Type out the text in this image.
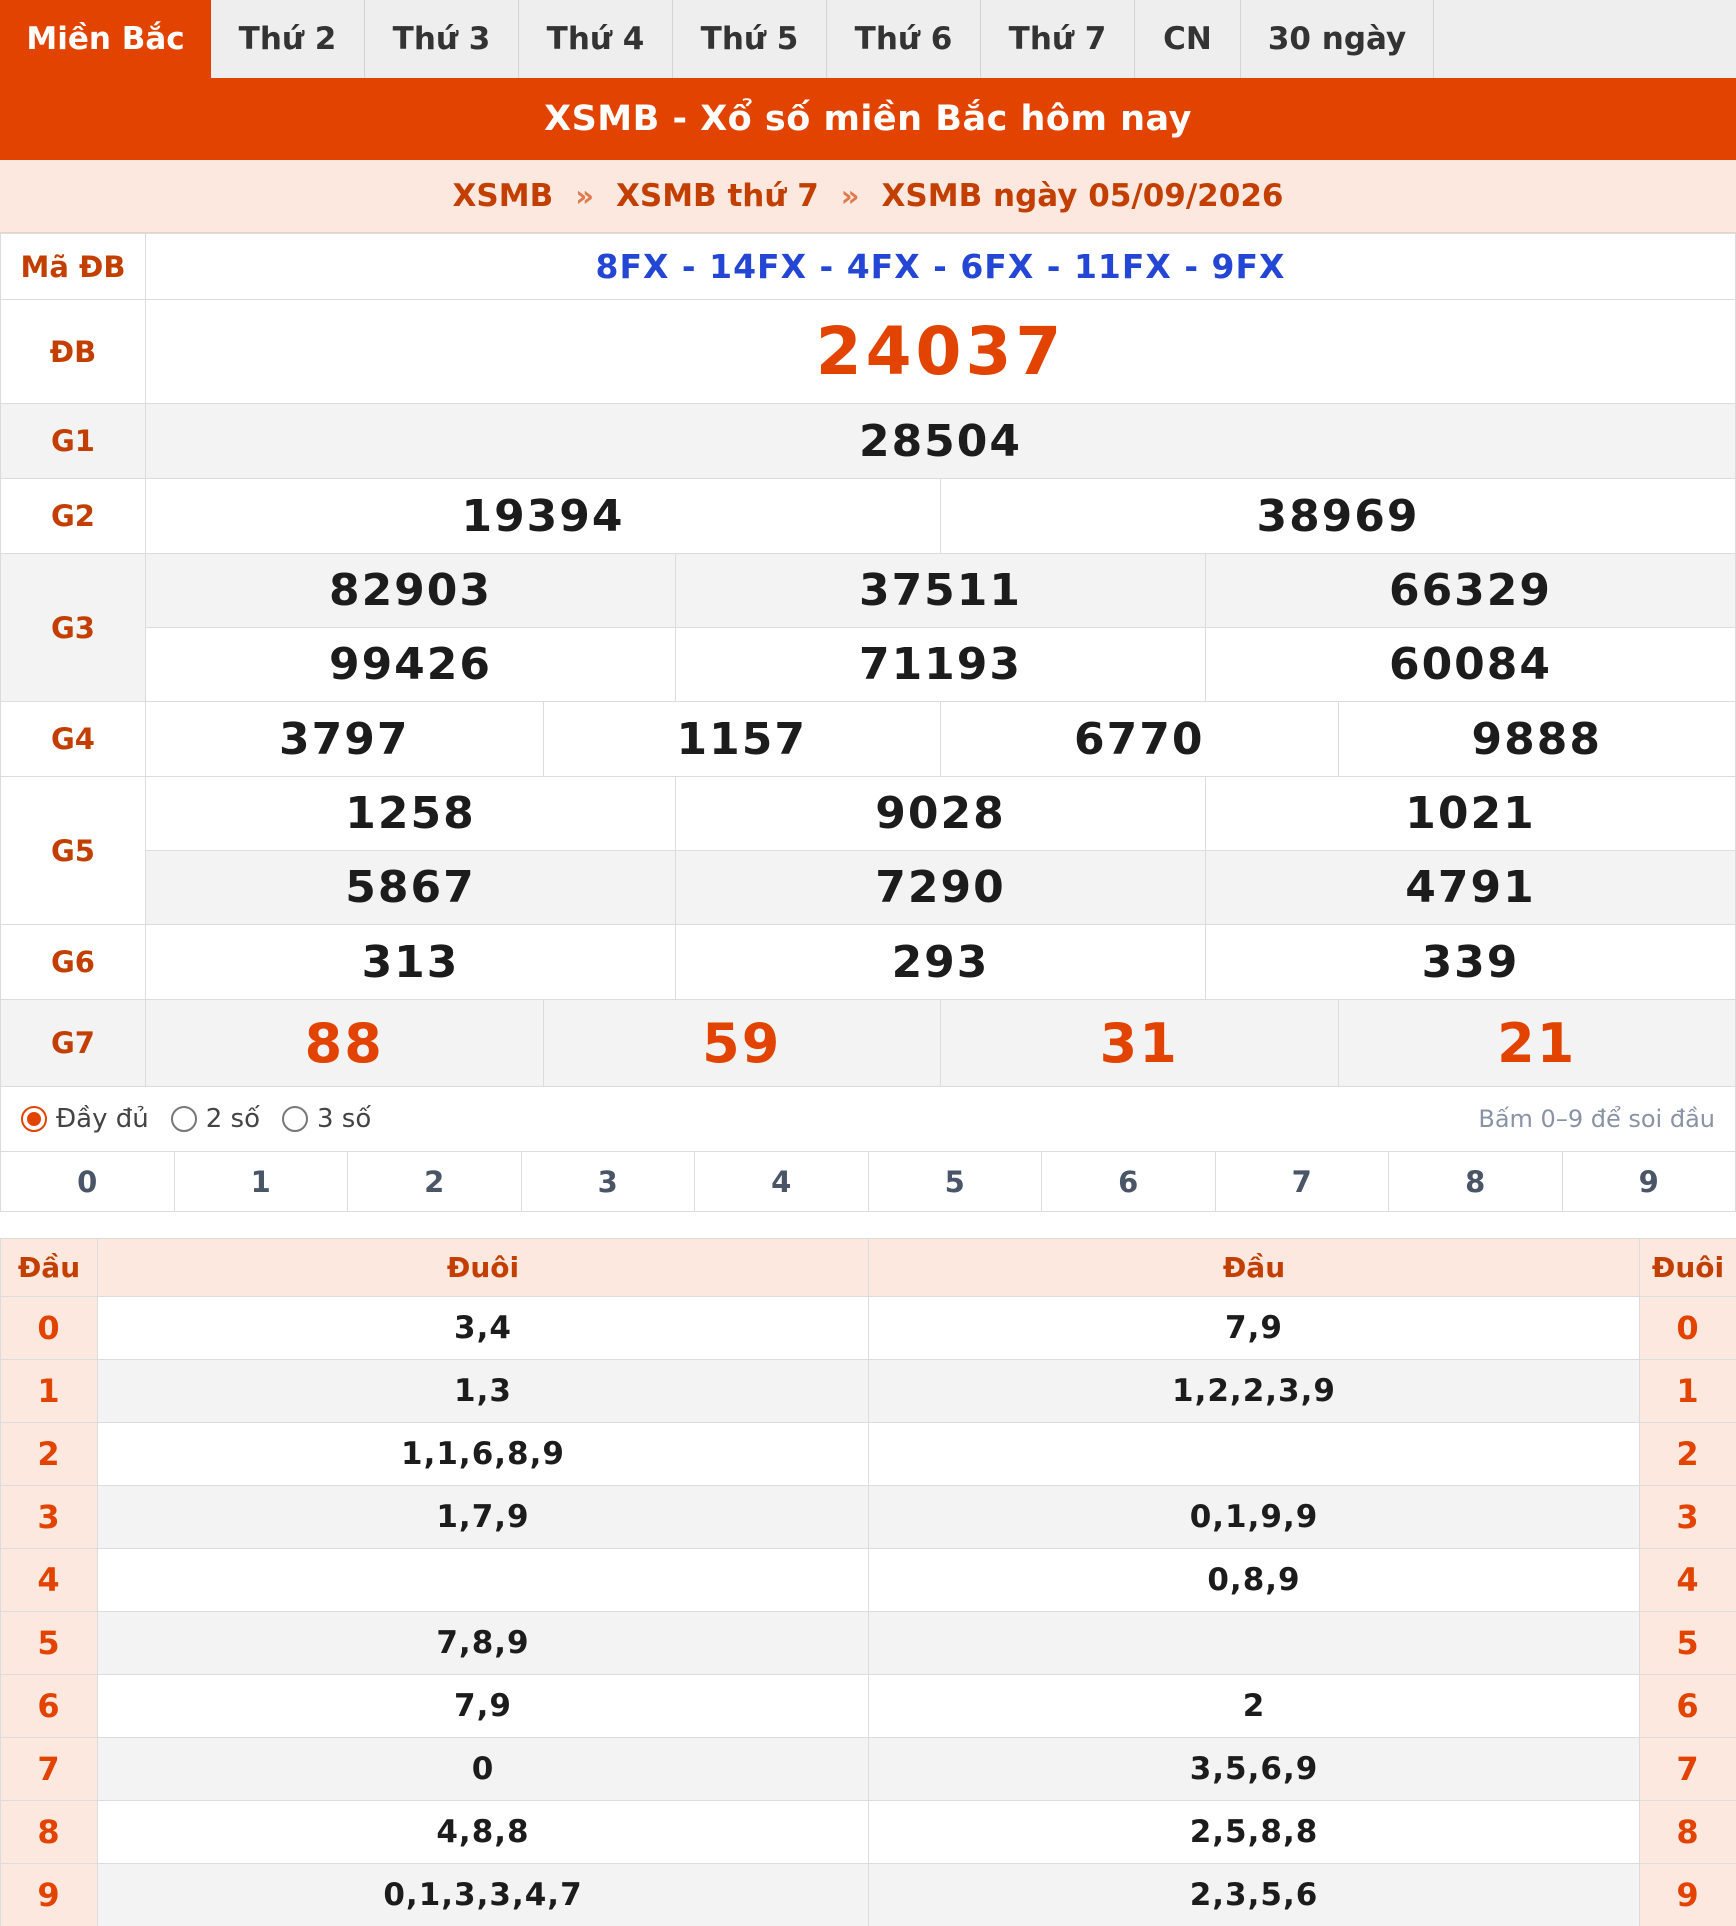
Miền Bắc	Thứ 2	Thứ 3	Thứ 4	Thứ 5	Thứ 6	Thứ 7	CN	30 ngày
XSMB - Xổ số miền Bắc hôm nay
XSMB » XSMB thứ 7 » XSMB ngày 05/09/2026
Mã ĐB	8FX - 14FX - 4FX - 6FX - 11FX - 9FX					
ĐB	24037					
G1	28504					
G2	19394			38969		
G3	82903		37511		66329	
	99426		71193		60084	
G4	3797	1157		6770		9888
G5	1258		9028		1021	
	5867		7290		4791	
G6	313		293		339	
G7	88	59		31		21
Đầy đủ 2 số 3 số	Bấm 0–9 để soi đầu
0	1	2	3	4	5	6	7	8	9
Đầu	Đuôi	Đầu	Đuôi
0	3,4	7,9	0
1	1,3	1,2,2,3,9	1
2	1,1,6,8,9		2
3	1,7,9	0,1,9,9	3
4		0,8,9	4
5	7,8,9		5
6	7,9	2	6
7	0	3,5,6,9	7
8	4,8,8	2,5,8,8	8
9	0,1,3,3,4,7	2,3,5,6	9
